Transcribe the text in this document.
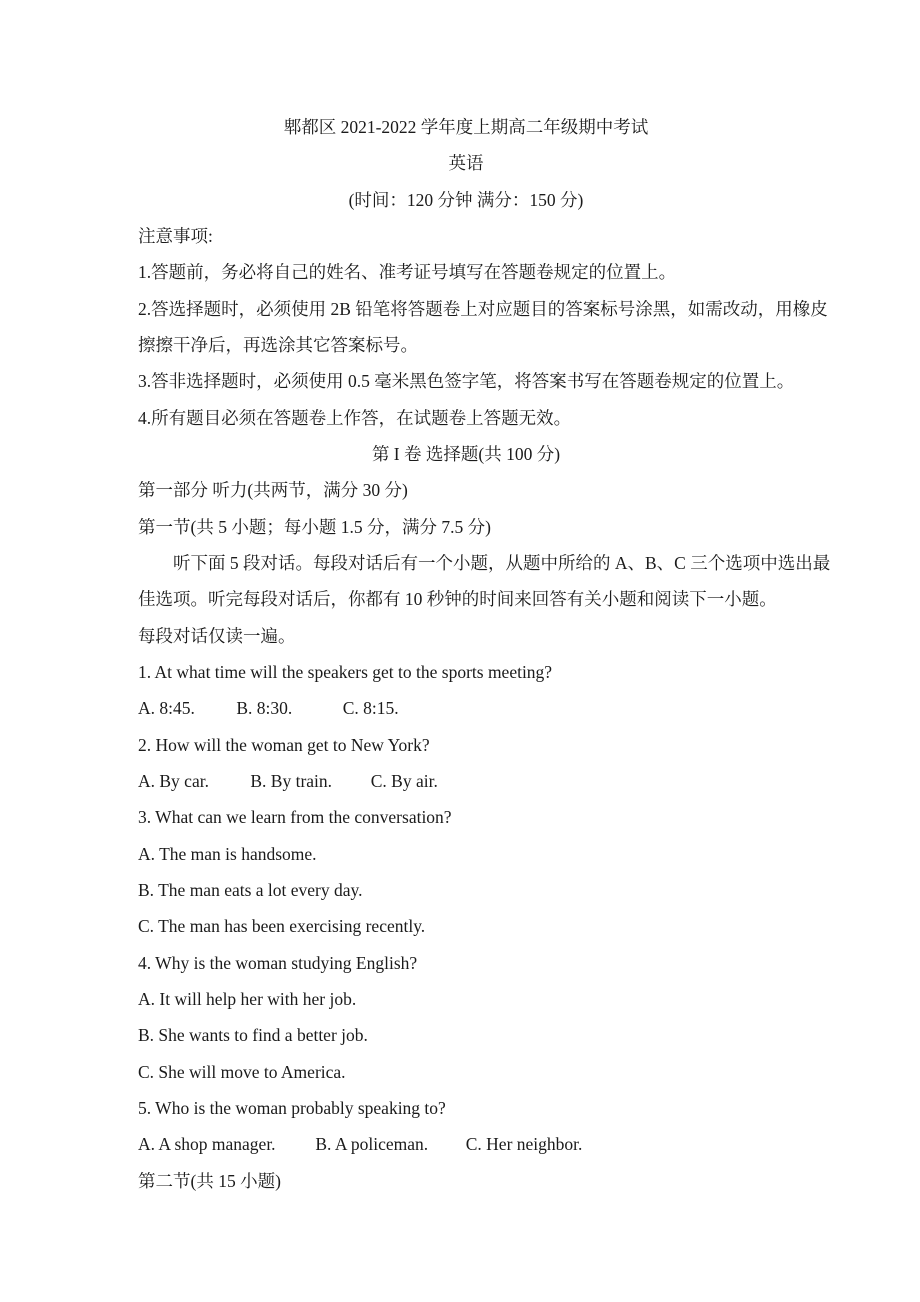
郫都区 2021-2022 学年度上期高二年级期中考试

英语

(时间：120 分钟 满分：150 分)

注意事项:

1.答题前，务必将自己的姓名、准考证号填写在答题卷规定的位置上。

2.答选择题时，必须使用 2B 铅笔将答题卷上对应题目的答案标号涂黑，如需改动，用橡皮

擦擦干净后，再选涂其它答案标号。

3.答非选择题时，必须使用 0.5 毫米黑色签字笔，将答案书写在答题卷规定的位置上。

4.所有题目必须在答题卷上作答，在试题卷上答题无效。

第 I 卷 选择题(共 100 分)

第一部分 听力(共两节，满分 30 分)

第一节(共 5 小题；每小题 1.5 分，满分 7.5 分)

听下面 5 段对话。每段对话后有一个小题，从题中所给的 A、B、C 三个选项中选出最

佳选项。听完每段对话后，你都有 10 秒钟的时间来回答有关小题和阅读下一小题。

每段对话仅读一遍。

1. At what time will the speakers get to the sports meeting?

A. 8:45. B. 8:30.	C. 8:15.

2. How will the woman get to New York?

A. By car. B. By train. C. By air.

3. What can we learn from the conversation?

A. The man is handsome.

B. The man eats a lot every day.

C. The man has been exercising recently.

4. Why is the woman studying English?

A. It will help her with her job.

B. She wants to find a better job.

C. She will move to America.

5. Who is the woman probably speaking to?

A. A shop manager. B. A policeman. C. Her neighbor.

第二节(共 15 小题)
